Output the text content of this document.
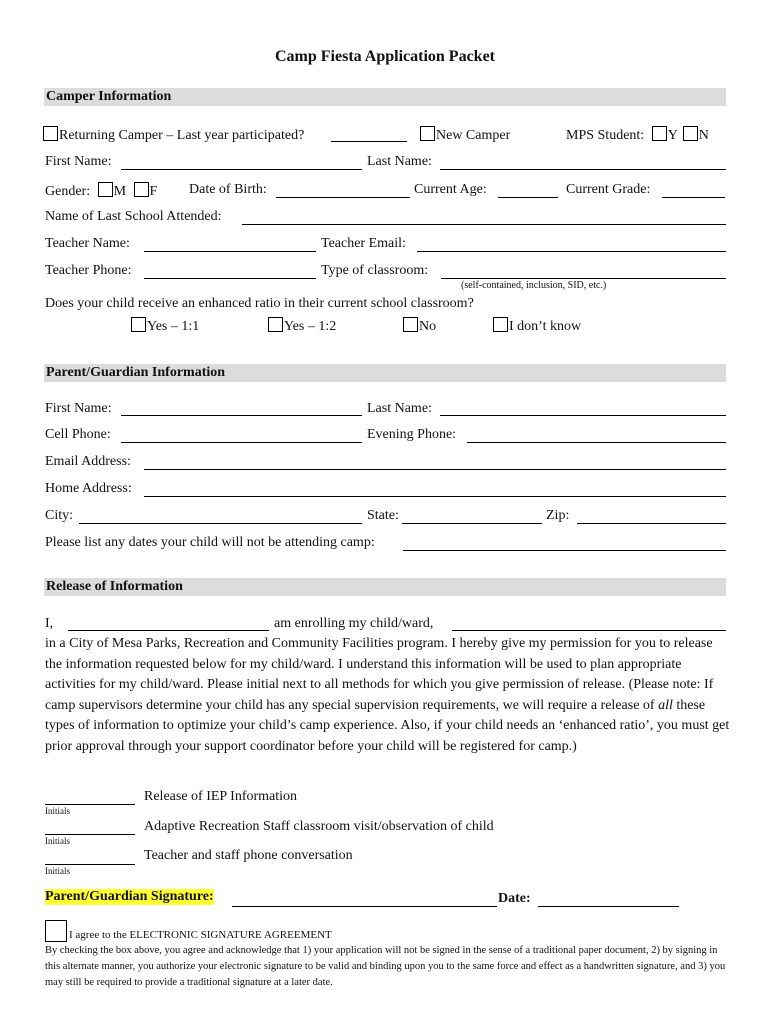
Camp Fiesta Application Packet
Camper Information
Returning Camper – Last year participated?	New Camper	MPS Student: Y N
First Name:	Last Name:
Gender: M F Date of Birth:	Current Age:	Current Grade:
Name of Last School Attended:
Teacher Name:	Teacher Email:
Teacher Phone:	Type of classroom:
(self-contained, inclusion, SID, etc.)
Does your child receive an enhanced ratio in their current school classroom?
Yes – 1:1	Yes – 1:2	No	I don’t know
Parent/Guardian Information
First Name:	Last Name:
Cell Phone:	Evening Phone:
Email Address:
Home Address:
City:	State:	Zip:
Please list any dates your child will not be attending camp:
Release of Information
I,	am enrolling my child/ward,
in a City of Mesa Parks, Recreation and Community Facilities program. I hereby give my permission for you to release the information requested below for my child/ward. I understand this information will be used to plan appropriate activities for my child/ward. Please initial next to all methods for which you give permission of release. (Please note: If camp supervisors determine your child has any special supervision requirements, we will require a release of all these types of information to optimize your child’s camp experience. Also, if your child needs an ‘enhanced ratio’, you must get prior approval through your support coordinator before your child will be registered for camp.)
Initials
Release of IEP Information
Initials
Adaptive Recreation Staff classroom visit/observation of child
Initials
Teacher and staff phone conversation
Parent/Guardian Signature:	Date:
I agree to the ELECTRONIC SIGNATURE AGREEMENT
By checking the box above, you agree and acknowledge that 1) your application will not be signed in the sense of a traditional paper document, 2) by signing in this alternate manner, you authorize your electronic signature to be valid and binding upon you to the same force and effect as a handwritten signature, and 3) you may still be required to provide a traditional signature at a later date.
